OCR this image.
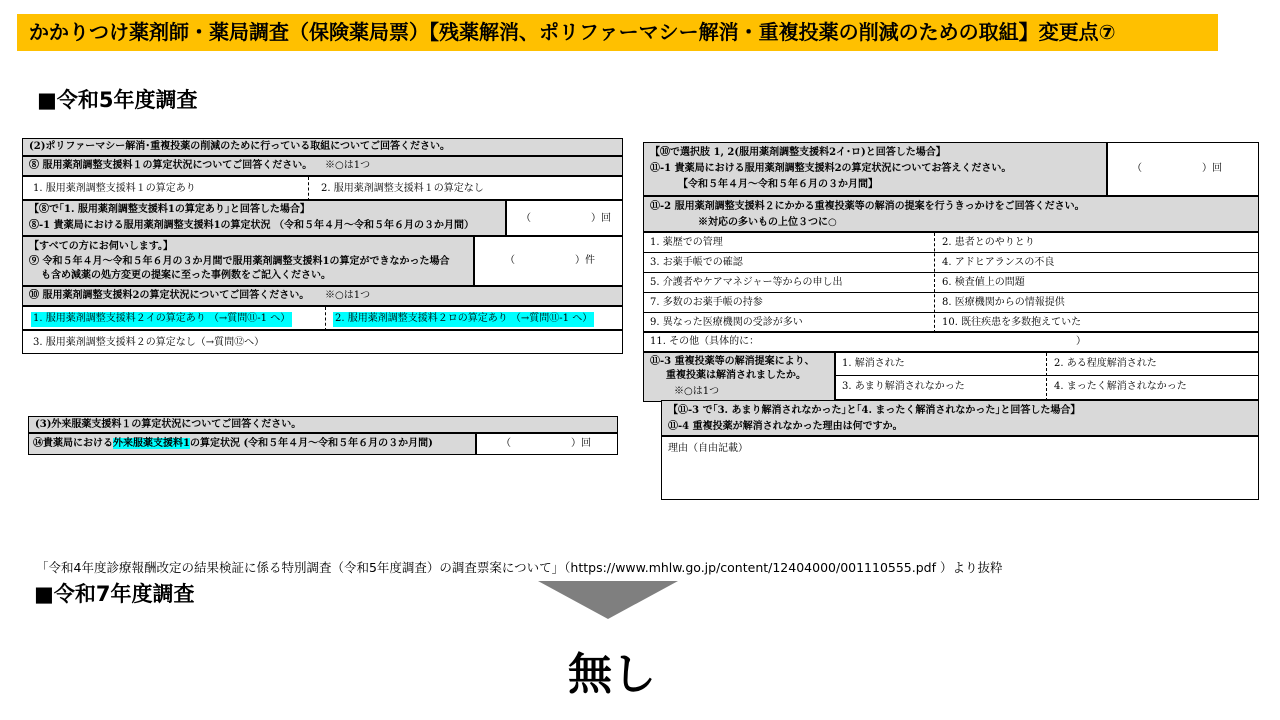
かかりつけ薬剤師・薬局調査（保険薬局票）【残薬解消、ポリファーマシー解消・重複投薬の削減のための取組】変更点⑦
■令和5年度調査
(2)ポリファーマシー解消･重複投薬の削減のために行っている取組についてご回答ください。
⑧ 服用薬剤調整支援料１の算定状況についてご回答ください。 ※○は1つ
1. 服用薬剤調整支援料１の算定あり	2. 服用薬剤調整支援料１の算定なし
【⑧で｢1. 服用薬剤調整支援料1の算定あり｣と回答した場合】
⑧-1 貴薬局における服用薬剤調整支援料1の算定状況 （令和５年４月～令和５年６月の３か月間）
（　　　　　　）回
【すべての方にお伺いします。】
⑨ 令和５年４月～令和５年６月の３か月間で服用薬剤調整支援料1の算定ができなかった場合
も含め減薬の処方変更の提案に至った事例数をご記入ください。
（　　　　　　）件
⑩ 服用薬剤調整支援料2の算定状況についてご回答ください。 ※○は1つ
1. 服用薬剤調整支援料２イの算定あり （→質問⑪-1 へ）	2. 服用薬剤調整支援料２ロの算定あり （→質問⑪-1 へ）
3. 服用薬剤調整支援料２の算定なし（→質問⑫へ）
(3)外来服薬支援料１の算定状況についてご回答ください。
⑭貴薬局における外来服薬支援料1の算定状況 (令和５年４月～令和５年６月の３か月間)	（　　　　　　）回
【⑩で選択肢 1, 2(服用薬剤調整支援料2イ･ロ)と回答した場合】
⑪-1 貴薬局における服用薬剤調整支援料2の算定状況についてお答えください。
【令和５年４月～令和５年６月の３か月間】
（　　　　　　）回
⑪-2 服用薬剤調整支援料２にかかる重複投薬等の解消の提案を行うきっかけをご回答ください。
※対応の多いもの上位３つに○
1. 薬歴での管理	2. 患者とのやりとり
3. お薬手帳での確認	4. アドヒアランスの不良
5. 介護者やケアマネジャー等からの申し出	6. 検査値上の問題
7. 多数のお薬手帳の持参	8. 医療機関からの情報提供
9. 異なった医療機関の受診が多い	10. 既往疾患を多数抱えていた
11. その他（具体的に：	）
⑪-3 重複投薬等の解消提案により、
重複投薬は解消されましたか。
※○は1つ
1. 解消された	2. ある程度解消された
3. あまり解消されなかった	4. まったく解消されなかった
【⑪-3 で｢3. あまり解消されなかった｣と｢4. まったく解消されなかった｣と回答した場合】
⑪-4 重複投薬が解消されなかった理由は何ですか。
理由（自由記載）
「令和4年度診療報酬改定の結果検証に係る特別調査（令和5年度調査）の調査票案について」（https://www.mhlw.go.jp/content/12404000/001110555.pdf ）より抜粋
■令和7年度調査
無し
